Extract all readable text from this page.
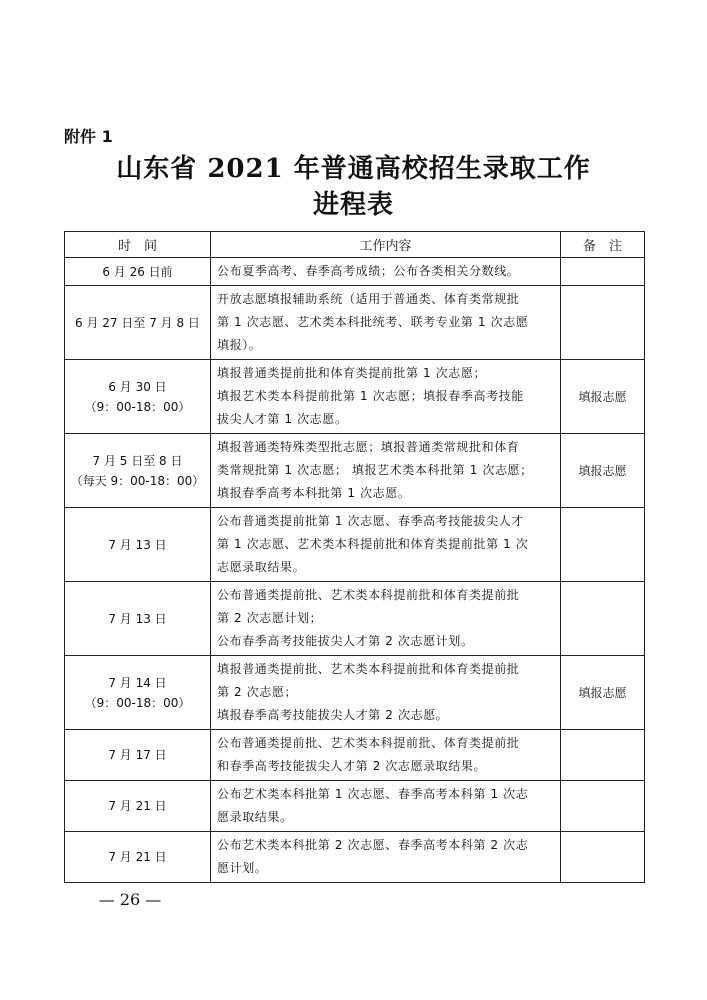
附件 1
山东省 2021 年普通高校招生录取工作
进程表
时　间	工作内容	备　注
6 月 26 日前	公布夏季高考、春季高考成绩；公布各类相关分数线。	

6 月 27 日至 7 月 8 日	开放志愿填报辅助系统（适用于普通类、体育类常规批
第 1 次志愿、艺术类本科批统考、联考专业第 1 次志愿
填报）。	

6 月 30 日
（9：00-18：00）	填报普通类提前批和体育类提前批第 1 次志愿；
填报艺术类本科提前批第 1 次志愿；填报春季高考技能
拔尖人才第 1 次志愿。	填报志愿
7 月 5 日至 8 日
（每天 9：00-18：00）	填报普通类特殊类型批志愿；填报普通类常规批和体育
类常规批第 1 次志愿； 填报艺术类本科批第 1 次志愿；
填报春季高考本科批第 1 次志愿。	填报志愿
7 月 13 日	公布普通类提前批第 1 次志愿、春季高考技能拔尖人才
第 1 次志愿、艺术类本科提前批和体育类提前批第 1 次
志愿录取结果。	

7 月 13 日	公布普通类提前批、艺术类本科提前批和体育类提前批
第 2 次志愿计划；
公布春季高考技能拔尖人才第 2 次志愿计划。	

7 月 14 日
（9：00-18：00）	填报普通类提前批、艺术类本科提前批和体育类提前批
第 2 次志愿；
填报春季高考技能拔尖人才第 2 次志愿。	填报志愿
7 月 17 日	公布普通类提前批、艺术类本科提前批、体育类提前批
和春季高考技能拔尖人才第 2 次志愿录取结果。	

7 月 21 日	公布艺术类本科批第 1 次志愿、春季高考本科第 1 次志
愿录取结果。	

7 月 21 日	公布艺术类本科批第 2 次志愿、春季高考本科第 2 次志
愿计划。	

— 26 —
